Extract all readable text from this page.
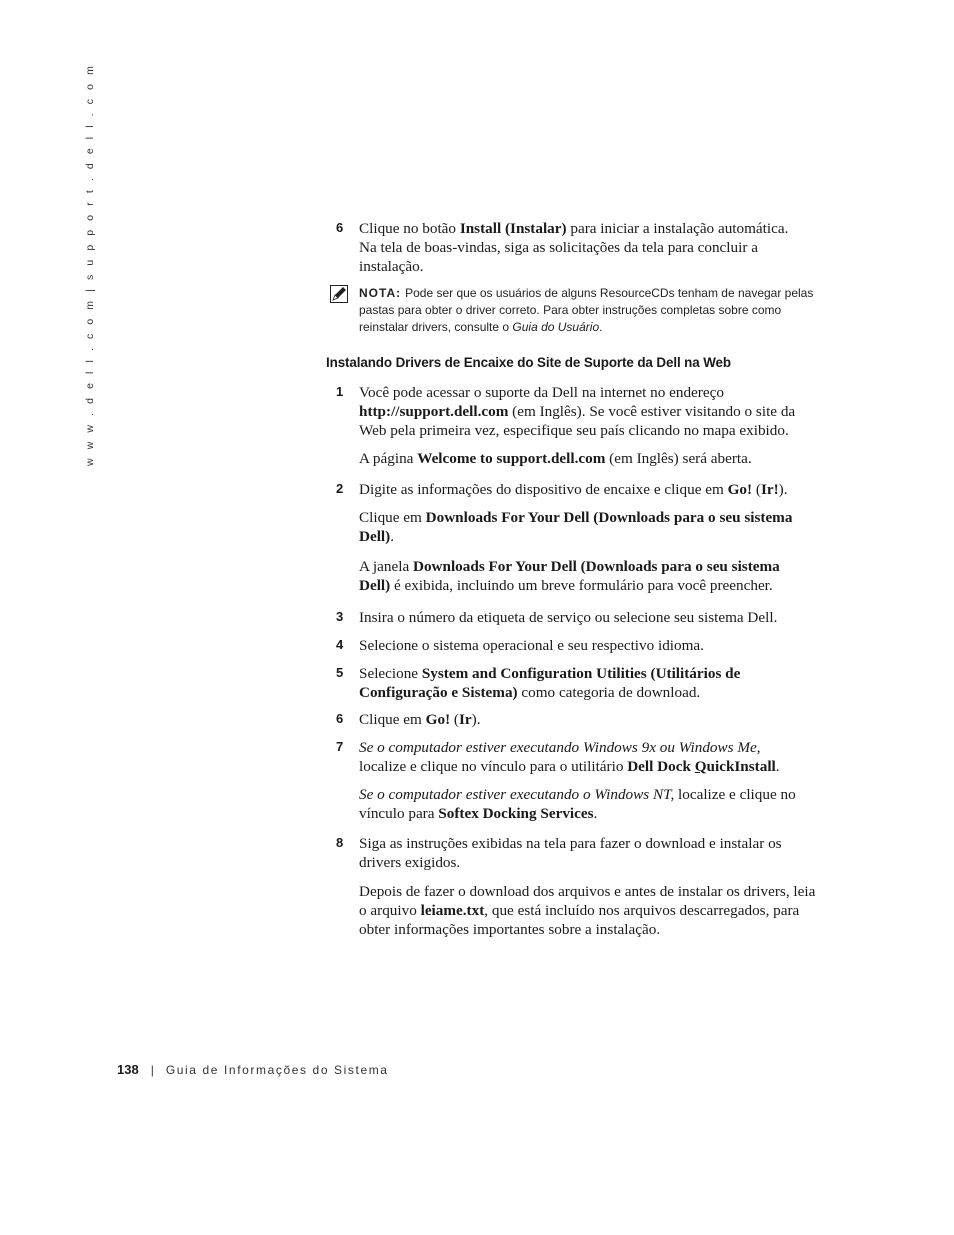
w w w . d e l l . c o m | s u p p o r t . d e l l . c o m	6 Clique no botão Install (Instalar) para iniciar a instalação automática. Na tela de boas-vindas, siga as solicitações da tela para concluir a instalação.
NOTA: Pode ser que os usuários de alguns ResourceCDs tenham de navegar pelas pastas para obter o driver correto. Para obter instruções completas sobre como reinstalar drivers, consulte o Guia do Usuário.
Instalando Drivers de Encaixe do Site de Suporte da Dell na Web
1 Você pode acessar o suporte da Dell na internet no endereço http://support.dell.com (em Inglês). Se você estiver visitando o site da Web pela primeira vez, especifique seu país clicando no mapa exibido.
A página Welcome to support.dell.com (em Inglês) será aberta.
2 Digite as informações do dispositivo de encaixe e clique em Go! (Ir!).
Clique em Downloads For Your Dell (Downloads para o seu sistema Dell).
A janela Downloads For Your Dell (Downloads para o seu sistema Dell) é exibida, incluindo um breve formulário para você preencher.
3 Insira o número da etiqueta de serviço ou selecione seu sistema Dell.
4 Selecione o sistema operacional e seu respectivo idioma.
5 Selecione System and Configuration Utilities (Utilitários de Configuração e Sistema) como categoria de download.
6 Clique em Go! (Ir).
7 Se o computador estiver executando Windows 9x ou Windows Me, localize e clique no vínculo para o utilitário Dell Dock QuickInstall.
Se o computador estiver executando o Windows NT, localize e clique no vínculo para Softex Docking Services.
8 Siga as instruções exibidas na tela para fazer o download e instalar os drivers exigidos.
Depois de fazer o download dos arquivos e antes de instalar os drivers, leia o arquivo leiame.txt, que está incluído nos arquivos descarregados, para obter informações importantes sobre a instalação.
138 | Guia de Informações do Sistema
